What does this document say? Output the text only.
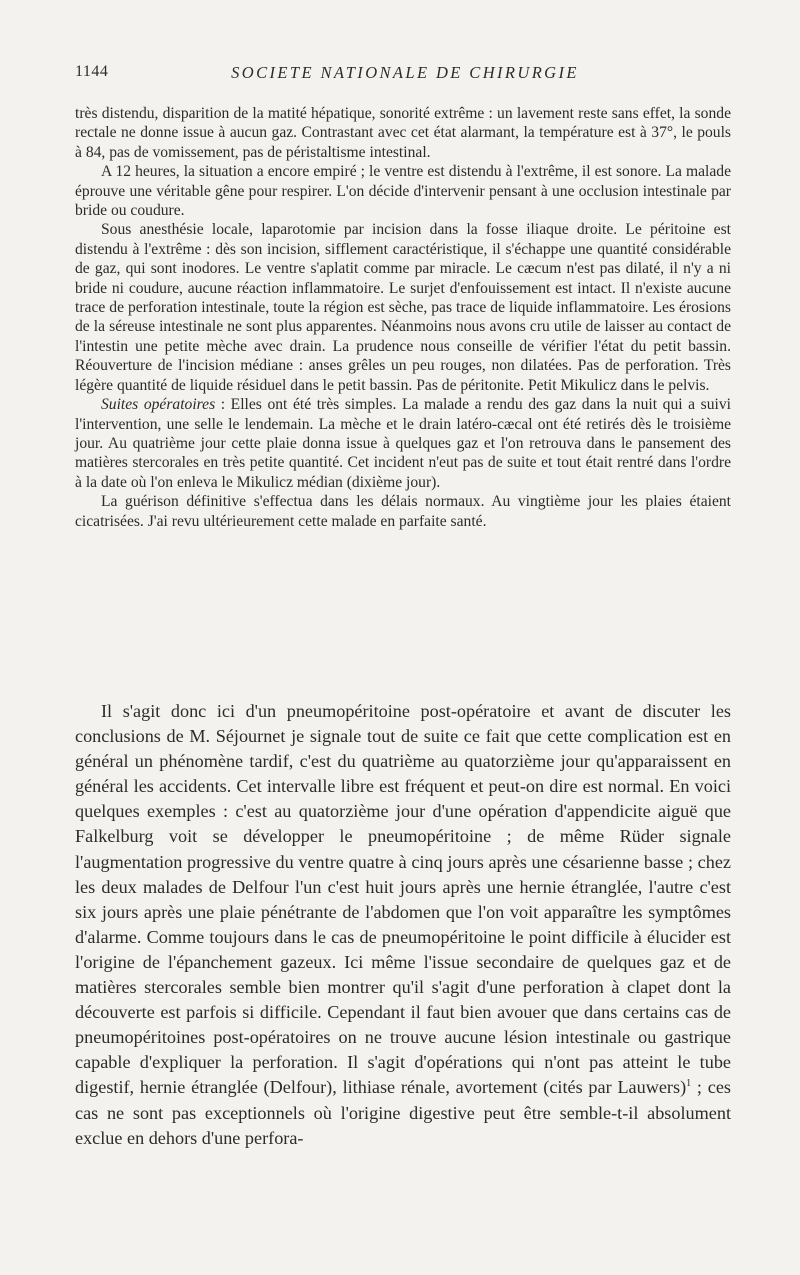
1144	SOCIETE NATIONALE DE CHIRURGIE

très distendu, disparition de la matité hépatique, sonorité extrême : un lavement reste sans effet, la sonde rectale ne donne issue à aucun gaz. Contrastant avec cet état alarmant, la température est à 37°, le pouls à 84, pas de vomissement, pas de péristaltisme intestinal.

A 12 heures, la situation a encore empiré ; le ventre est distendu à l'extrême, il est sonore. La malade éprouve une véritable gêne pour respirer. L'on décide d'intervenir pensant à une occlusion intestinale par bride ou coudure.

Sous anesthésie locale, laparotomie par incision dans la fosse iliaque droite. Le péritoine est distendu à l'extrême : dès son incision, sifflement caractéristique, il s'échappe une quantité considérable de gaz, qui sont inodores. Le ventre s'aplatit comme par miracle. Le cæcum n'est pas dilaté, il n'y a ni bride ni coudure, aucune réaction inflammatoire. Le surjet d'enfouissement est intact. Il n'existe aucune trace de perforation intestinale, toute la région est sèche, pas trace de liquide inflammatoire. Les érosions de la séreuse intestinale ne sont plus apparentes. Néanmoins nous avons cru utile de laisser au contact de l'intestin une petite mèche avec drain. La prudence nous conseille de vérifier l'état du petit bassin. Réouverture de l'incision médiane : anses grêles un peu rouges, non dilatées. Pas de perforation. Très légère quantité de liquide résiduel dans le petit bassin. Pas de péritonite. Petit Mikulicz dans le pelvis.

Suites opératoires : Elles ont été très simples. La malade a rendu des gaz dans la nuit qui a suivi l'intervention, une selle le lendemain. La mèche et le drain latéro-cæcal ont été retirés dès le troisième jour. Au quatrième jour cette plaie donna issue à quelques gaz et l'on retrouva dans le pansement des matières stercorales en très petite quantité. Cet incident n'eut pas de suite et tout était rentré dans l'ordre à la date où l'on enleva le Mikulicz médian (dixième jour).

La guérison définitive s'effectua dans les délais normaux. Au vingtième jour les plaies étaient cicatrisées. J'ai revu ultérieurement cette malade en parfaite santé.

Il s'agit donc ici d'un pneumopéritoine post-opératoire et avant de discuter les conclusions de M. Séjournet je signale tout de suite ce fait que cette complication est en général un phénomène tardif, c'est du quatrième au quatorzième jour qu'apparaissent en général les accidents. Cet intervalle libre est fréquent et peut-on dire est normal. En voici quelques exemples : c'est au quatorzième jour d'une opération d'appendicite aiguë que Falkelburg voit se développer le pneumopéritoine ; de même Rüder signale l'augmentation progressive du ventre quatre à cinq jours après une césarienne basse ; chez les deux malades de Delfour l'un c'est huit jours après une hernie étranglée, l'autre c'est six jours après une plaie pénétrante de l'abdomen que l'on voit apparaître les symptômes d'alarme. Comme toujours dans le cas de pneumopéritoine le point difficile à élucider est l'origine de l'épanchement gazeux. Ici même l'issue secondaire de quelques gaz et de matières stercorales semble bien montrer qu'il s'agit d'une perforation à clapet dont la découverte est parfois si difficile. Cependant il faut bien avouer que dans certains cas de pneumopéritoines post-opératoires on ne trouve aucune lésion intestinale ou gastrique capable d'expliquer la perforation. Il s'agit d'opérations qui n'ont pas atteint le tube digestif, hernie étranglée (Delfour), lithiase rénale, avortement (cités par Lauwers)$^1$ ; ces cas ne sont pas exceptionnels où l'origine digestive peut être semble-t-il absolument exclue en dehors d'une perfora-
